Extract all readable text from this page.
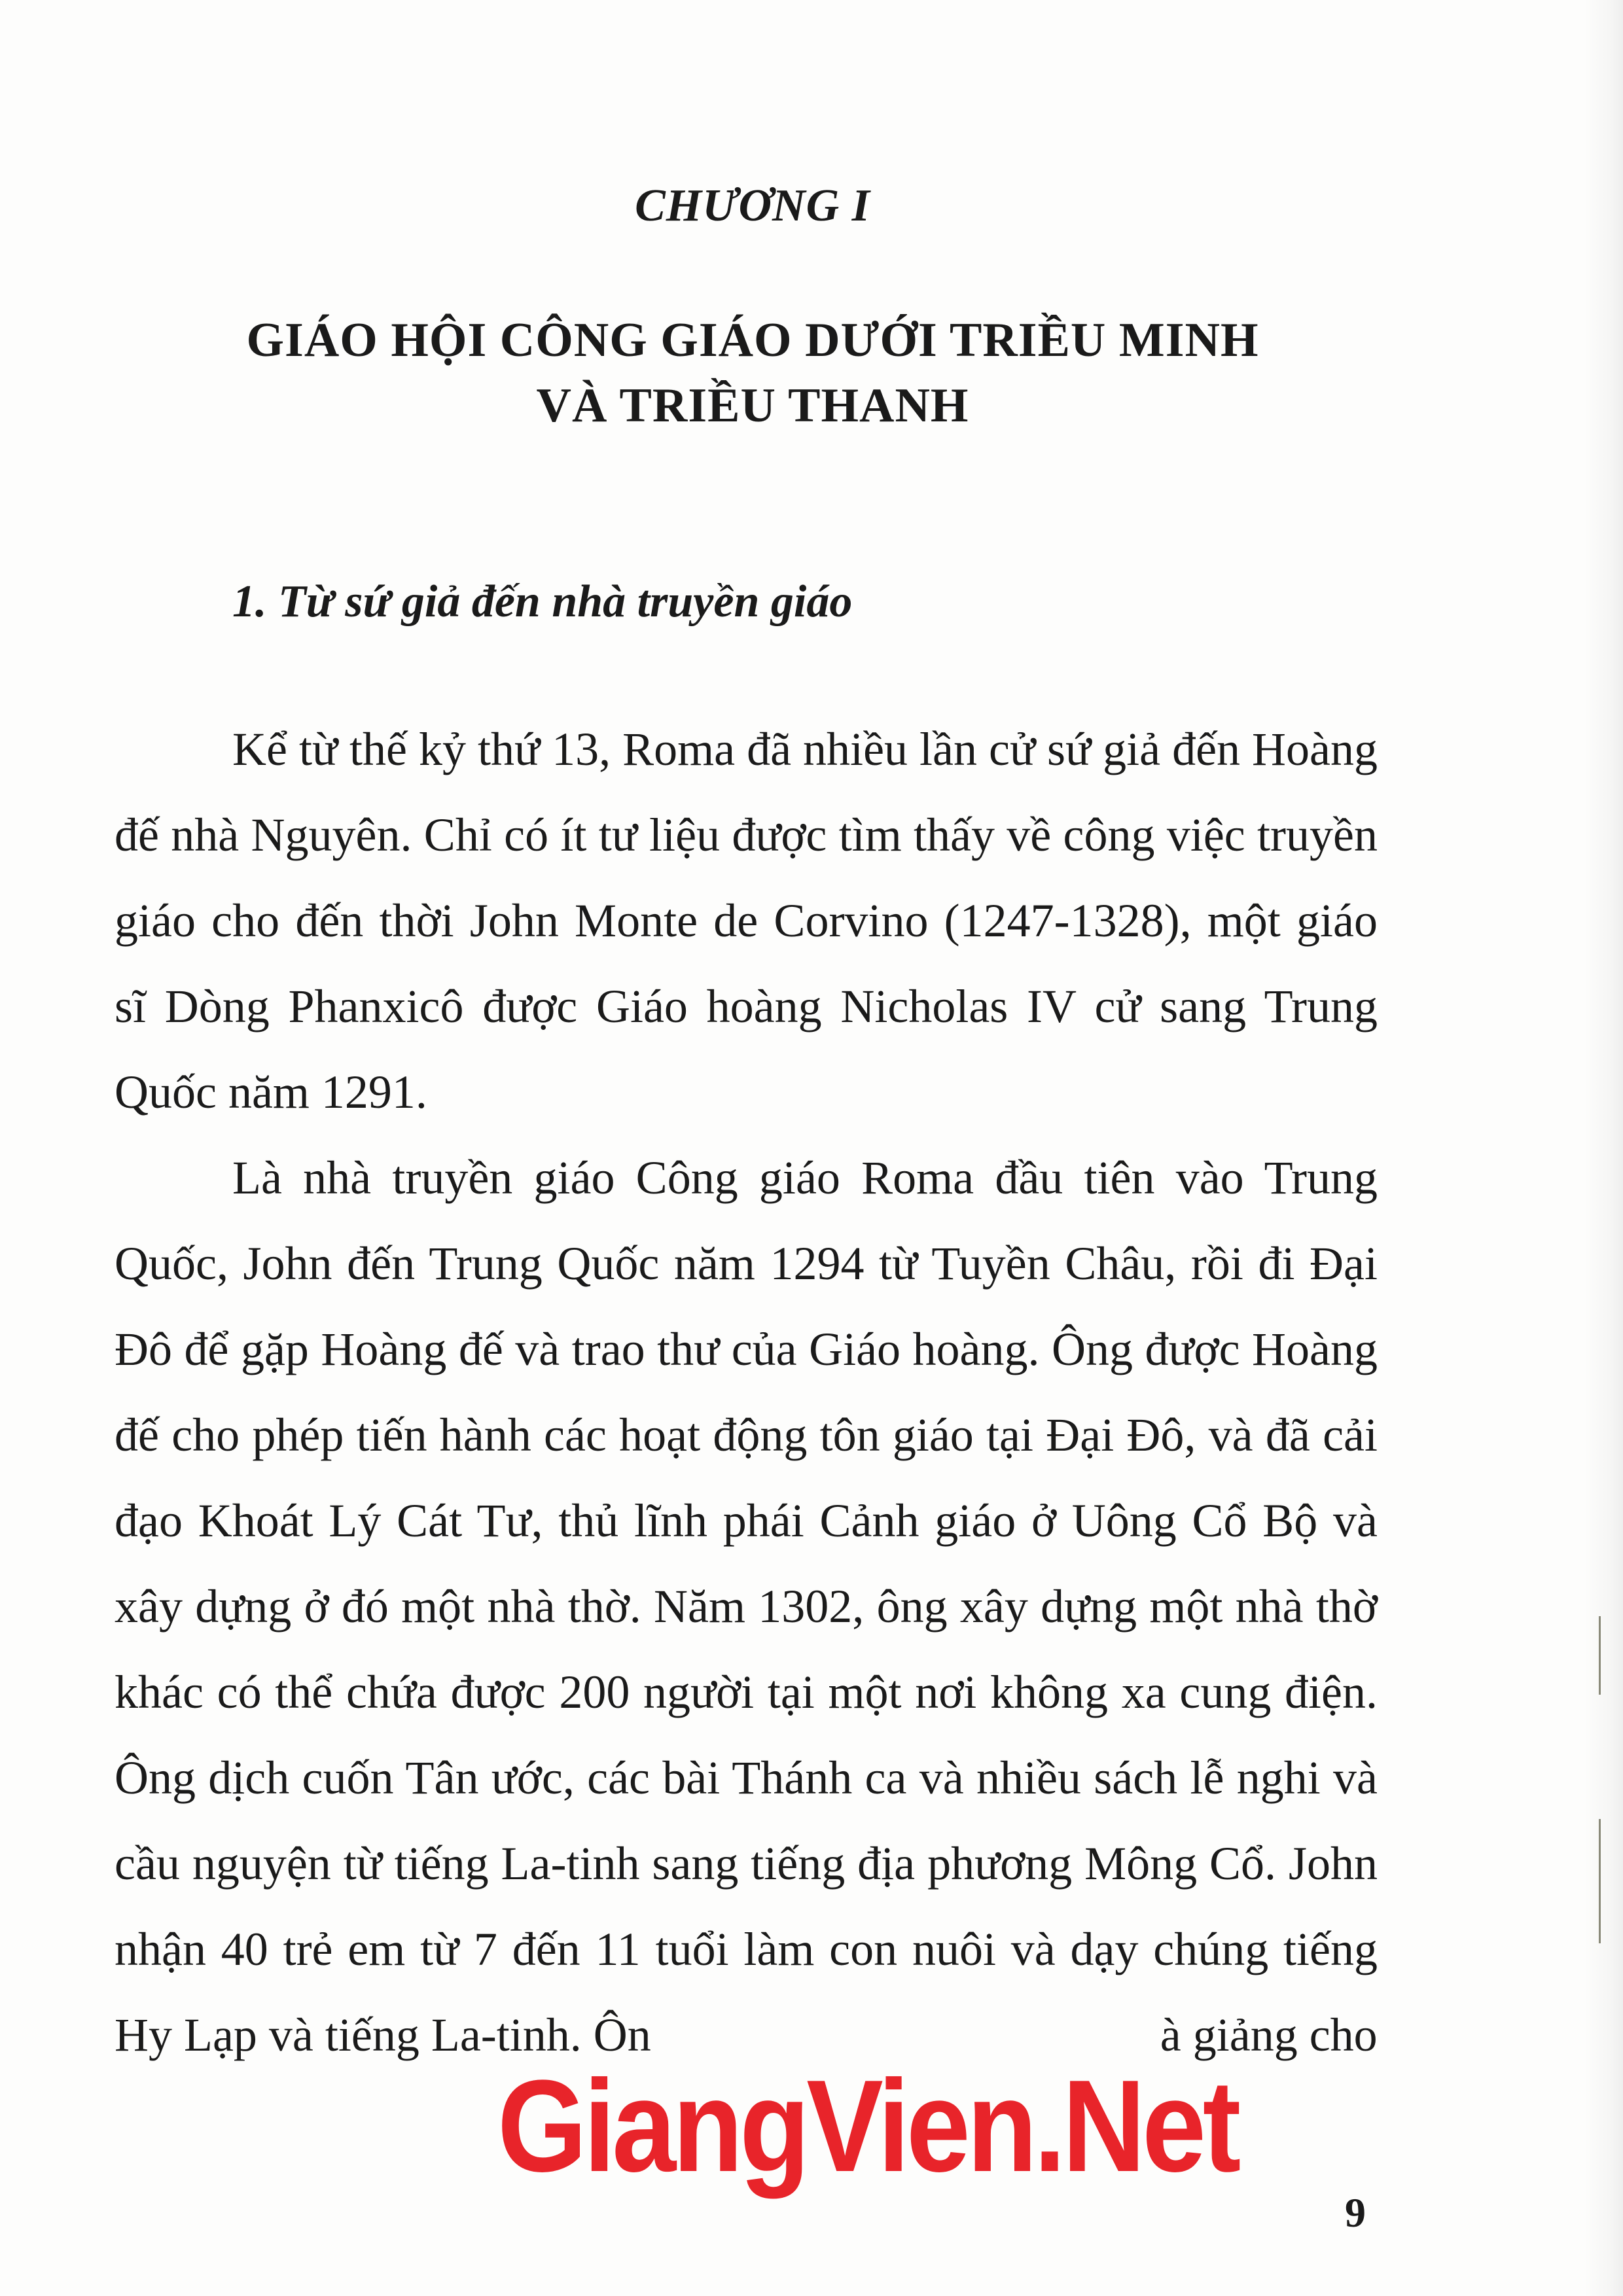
CHƯƠNG I
GIÁO HỘI CÔNG GIÁO DƯỚI TRIỀU MINH
VÀ TRIỀU THANH
1. Từ sứ giả đến nhà truyền giáo

Kể từ thế kỷ thứ 13, Roma đã nhiều lần cử sứ giả đến Hoàng đế nhà Nguyên. Chỉ có ít tư liệu được tìm thấy về công việc truyền giáo cho đến thời John Monte de Corvino (1247-1328), một giáo sĩ Dòng Phanxicô được Giáo hoàng Nicholas IV cử sang Trung Quốc năm 1291.

Là nhà truyền giáo Công giáo Roma đầu tiên vào Trung Quốc, John đến Trung Quốc năm 1294 từ Tuyền Châu, rồi đi Đại Đô để gặp Hoàng đế và trao thư của Giáo hoàng. Ông được Hoàng đế cho phép tiến hành các hoạt động tôn giáo tại Đại Đô, và đã cải đạo Khoát Lý Cát Tư, thủ lĩnh phái Cảnh giáo ở Uông Cổ Bộ và xây dựng ở đó một nhà thờ. Năm 1302, ông xây dựng một nhà thờ khác có thể chứa được 200 người tại một nơi không xa cung điện. Ông dịch cuốn Tân ước, các bài Thánh ca và nhiều sách lễ nghi và cầu nguyện từ tiếng La-tinh sang tiếng địa phương Mông Cổ. John nhận 40 trẻ em từ 7 đến 11 tuổi làm con nuôi và dạy chúng tiếng Hy Lạp và tiếng La-tinh. Ôn	à giảng cho

GiangVien.Net
9
